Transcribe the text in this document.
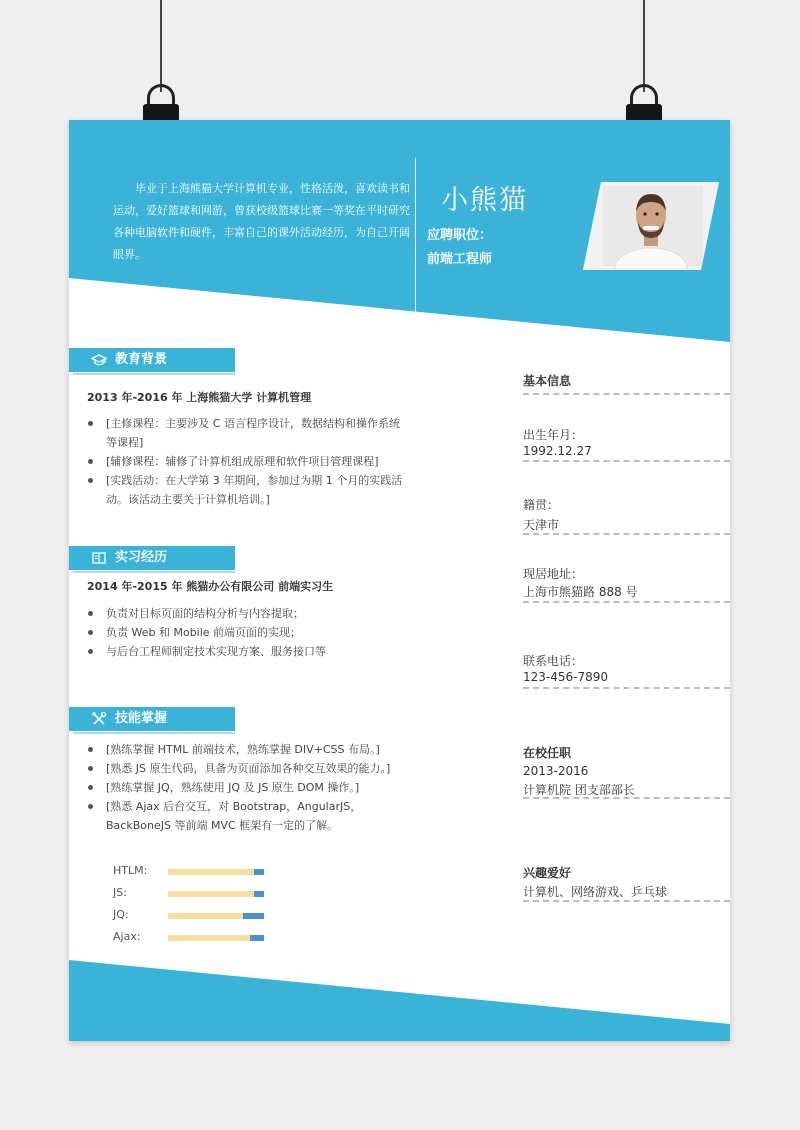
毕业于上海熊猫大学计算机专业，性格活泼，喜欢读书和运动，爱好篮球和网游，曾获校级篮球比赛一等奖在平时研究各种电脑软件和硬件，丰富自己的课外活动经历，为自己开阔眼界。
小熊猫
应聘职位：
前端工程师
教育背景
2013 年-2016 年 上海熊猫大学 计算机管理
[主修课程：主要涉及 C 语言程序设计，数据结构和操作系统等课程]
[辅修课程：辅修了计算机组成原理和软件项目管理课程]
[实践活动：在大学第 3 年期间，参加过为期 1 个月的实践活动。该活动主要关于计算机培训。]
实习经历
2014 年-2015 年 熊猫办公有限公司 前端实习生
负责对目标页面的结构分析与内容提取；
负责 Web 和 Mobile 前端页面的实现；
与后台工程师制定技术实现方案、服务接口等
技能掌握
[熟练掌握 HTML 前端技术，熟练掌握 DIV+CSS 布局。]
[熟悉 JS 原生代码，具备为页面添加各种交互效果的能力。]
[熟练掌握 JQ，熟练使用 JQ 及 JS 原生 DOM 操作。]
[熟悉 Ajax 后台交互，对 Bootstrap，AngularJS，BackBoneJS 等前端 MVC 框架有一定的了解。
HTLM:
JS:
JQ:
Ajax:
基本信息
出生年月：
1992.12.27
籍贯：
天津市
现居地址：
上海市熊猫路 888 号
联系电话：
123-456-7890
在校任职
2013-2016
计算机院 团支部部长
兴趣爱好
计算机、网络游戏、乒乓球
